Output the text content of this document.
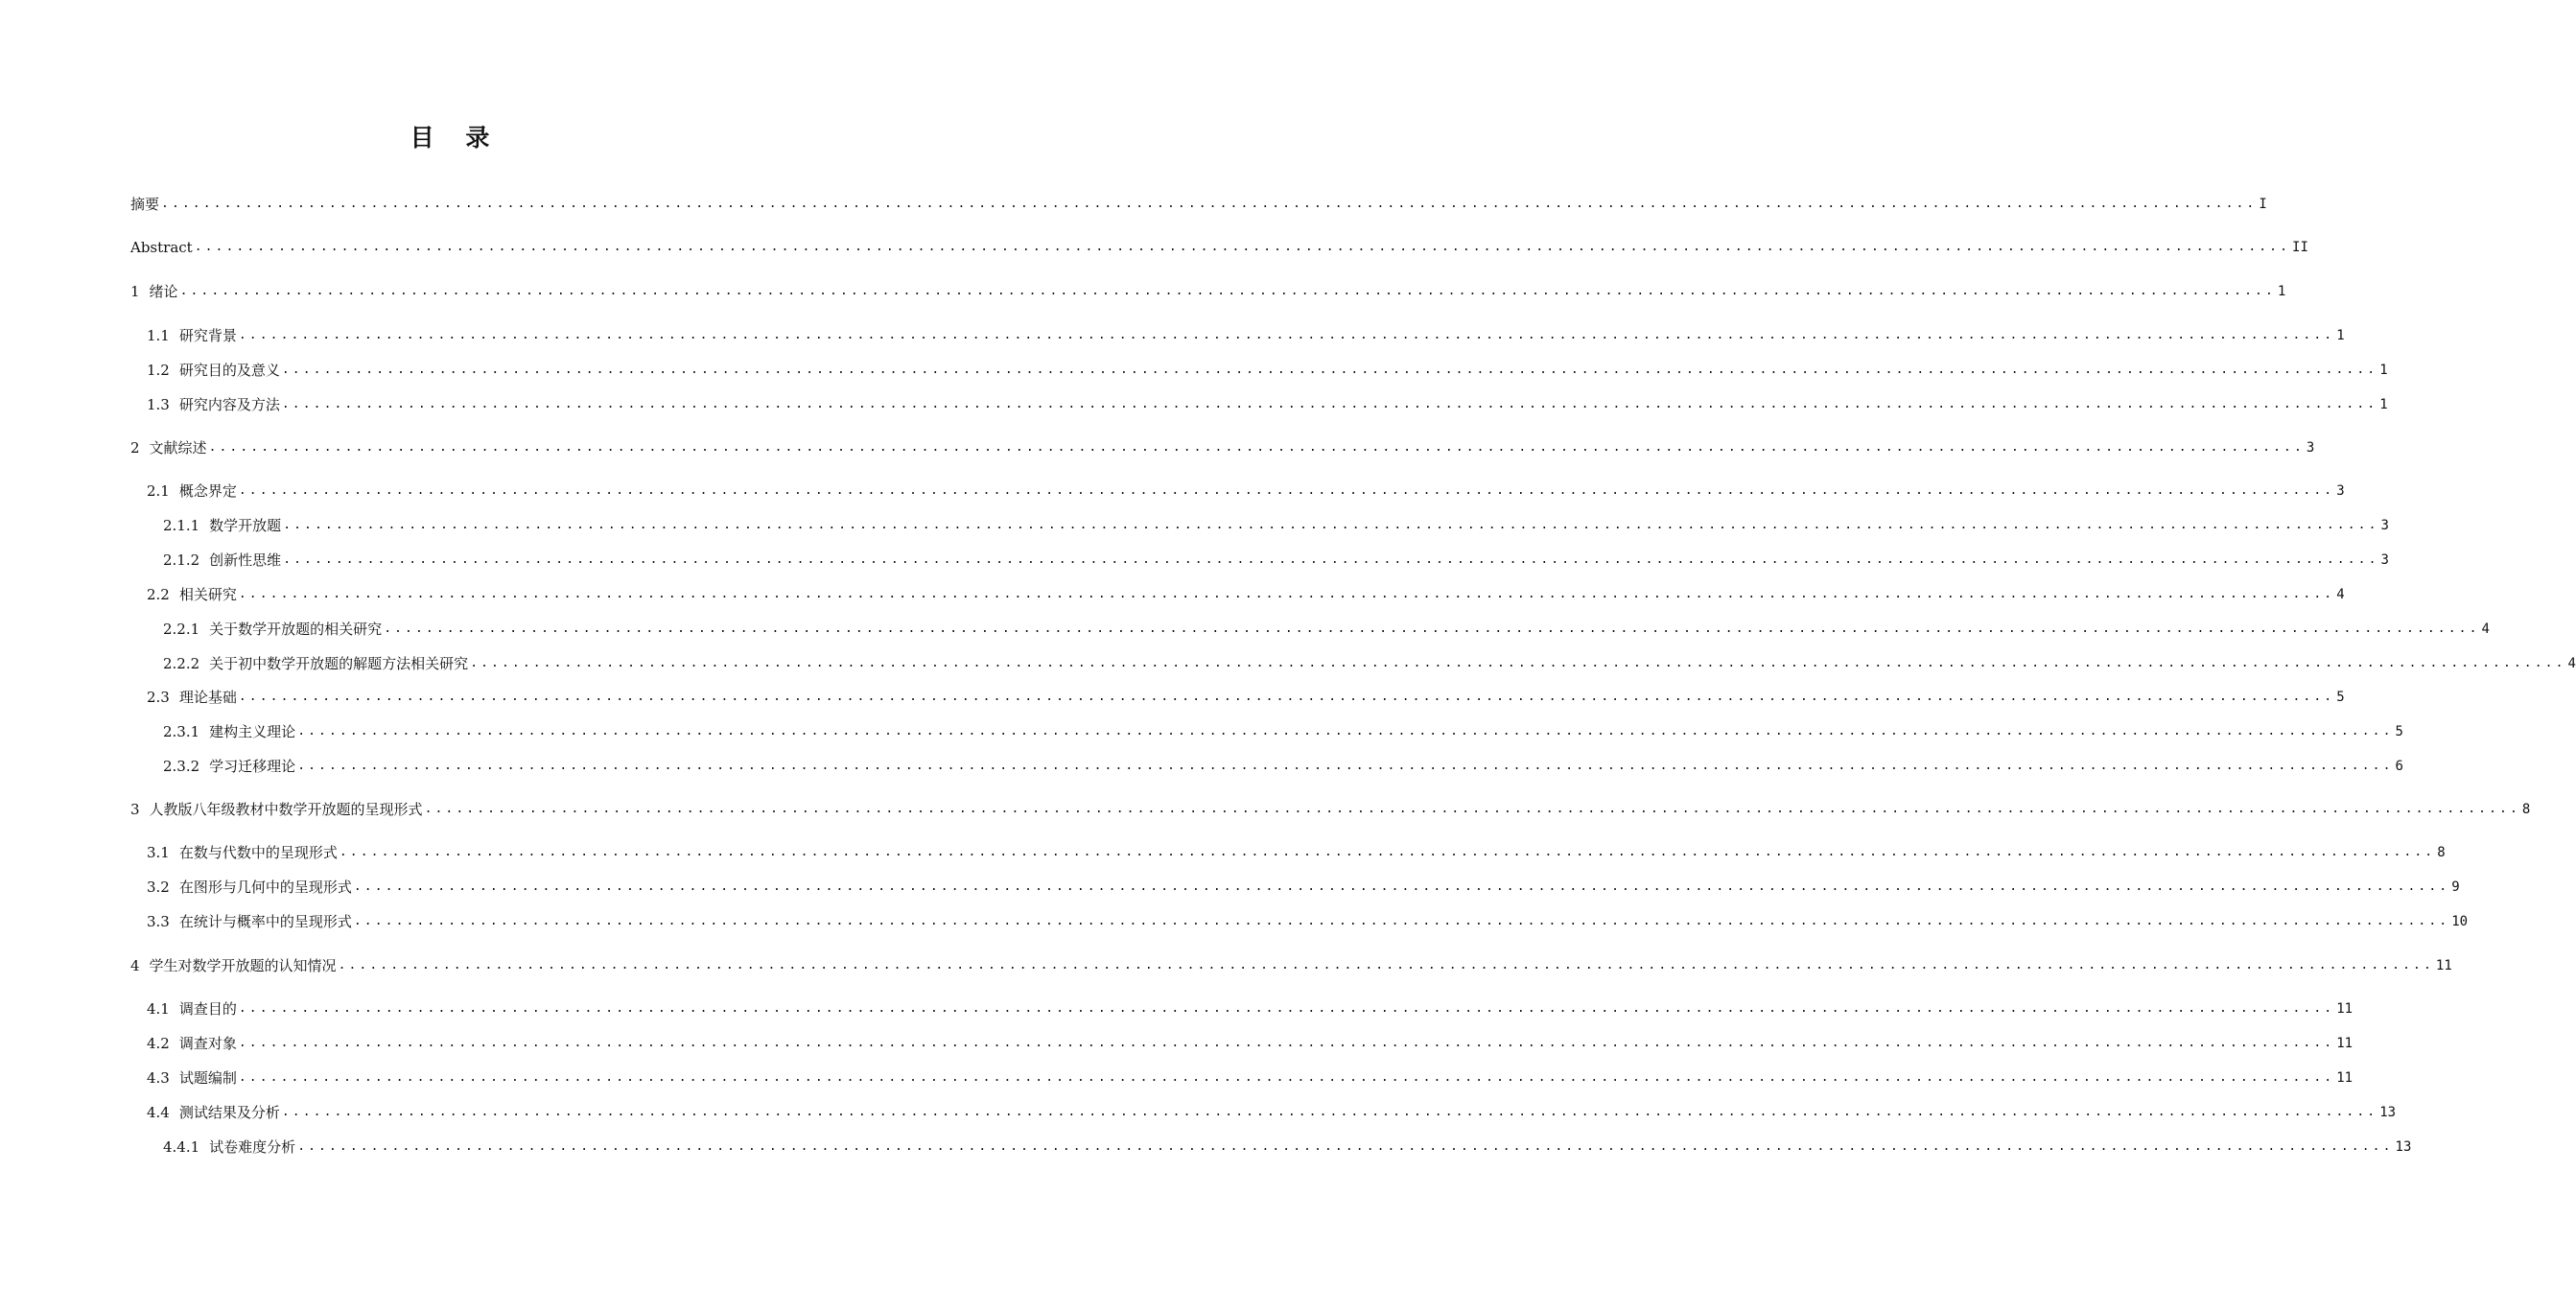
目 录
摘要 ........................................................................................................................................................................................................ I
Abstract ........................................................................................................................................................................................................ II
1 绪论 ........................................................................................................................................................................................................ 1
1.1 研究背景 ........................................................................................................................................................................................................ 1
1.2 研究目的及意义 ........................................................................................................................................................................................................ 1
1.3 研究内容及方法 ........................................................................................................................................................................................................ 1
2 文献综述 ........................................................................................................................................................................................................ 3
2.1 概念界定 ........................................................................................................................................................................................................ 3
2.1.1 数学开放题 ........................................................................................................................................................................................................ 3
2.1.2 创新性思维 ........................................................................................................................................................................................................ 3
2.2 相关研究 ........................................................................................................................................................................................................ 4
2.2.1 关于数学开放题的相关研究 ........................................................................................................................................................................................................ 4
2.2.2 关于初中数学开放题的解题方法相关研究 ........................................................................................................................................................................................................ 4
2.3 理论基础 ........................................................................................................................................................................................................ 5
2.3.1 建构主义理论 ........................................................................................................................................................................................................ 5
2.3.2 学习迁移理论 ........................................................................................................................................................................................................ 6
3 人教版八年级教材中数学开放题的呈现形式 ........................................................................................................................................................................................................ 8
3.1 在数与代数中的呈现形式 ........................................................................................................................................................................................................ 8
3.2 在图形与几何中的呈现形式 ........................................................................................................................................................................................................ 9
3.3 在统计与概率中的呈现形式 ........................................................................................................................................................................................................ 10
4 学生对数学开放题的认知情况 ........................................................................................................................................................................................................ 11
4.1 调查目的 ........................................................................................................................................................................................................ 11
4.2 调查对象 ........................................................................................................................................................................................................ 11
4.3 试题编制 ........................................................................................................................................................................................................ 11
4.4 测试结果及分析 ........................................................................................................................................................................................................ 13
4.4.1 试卷难度分析 ........................................................................................................................................................................................................ 13
